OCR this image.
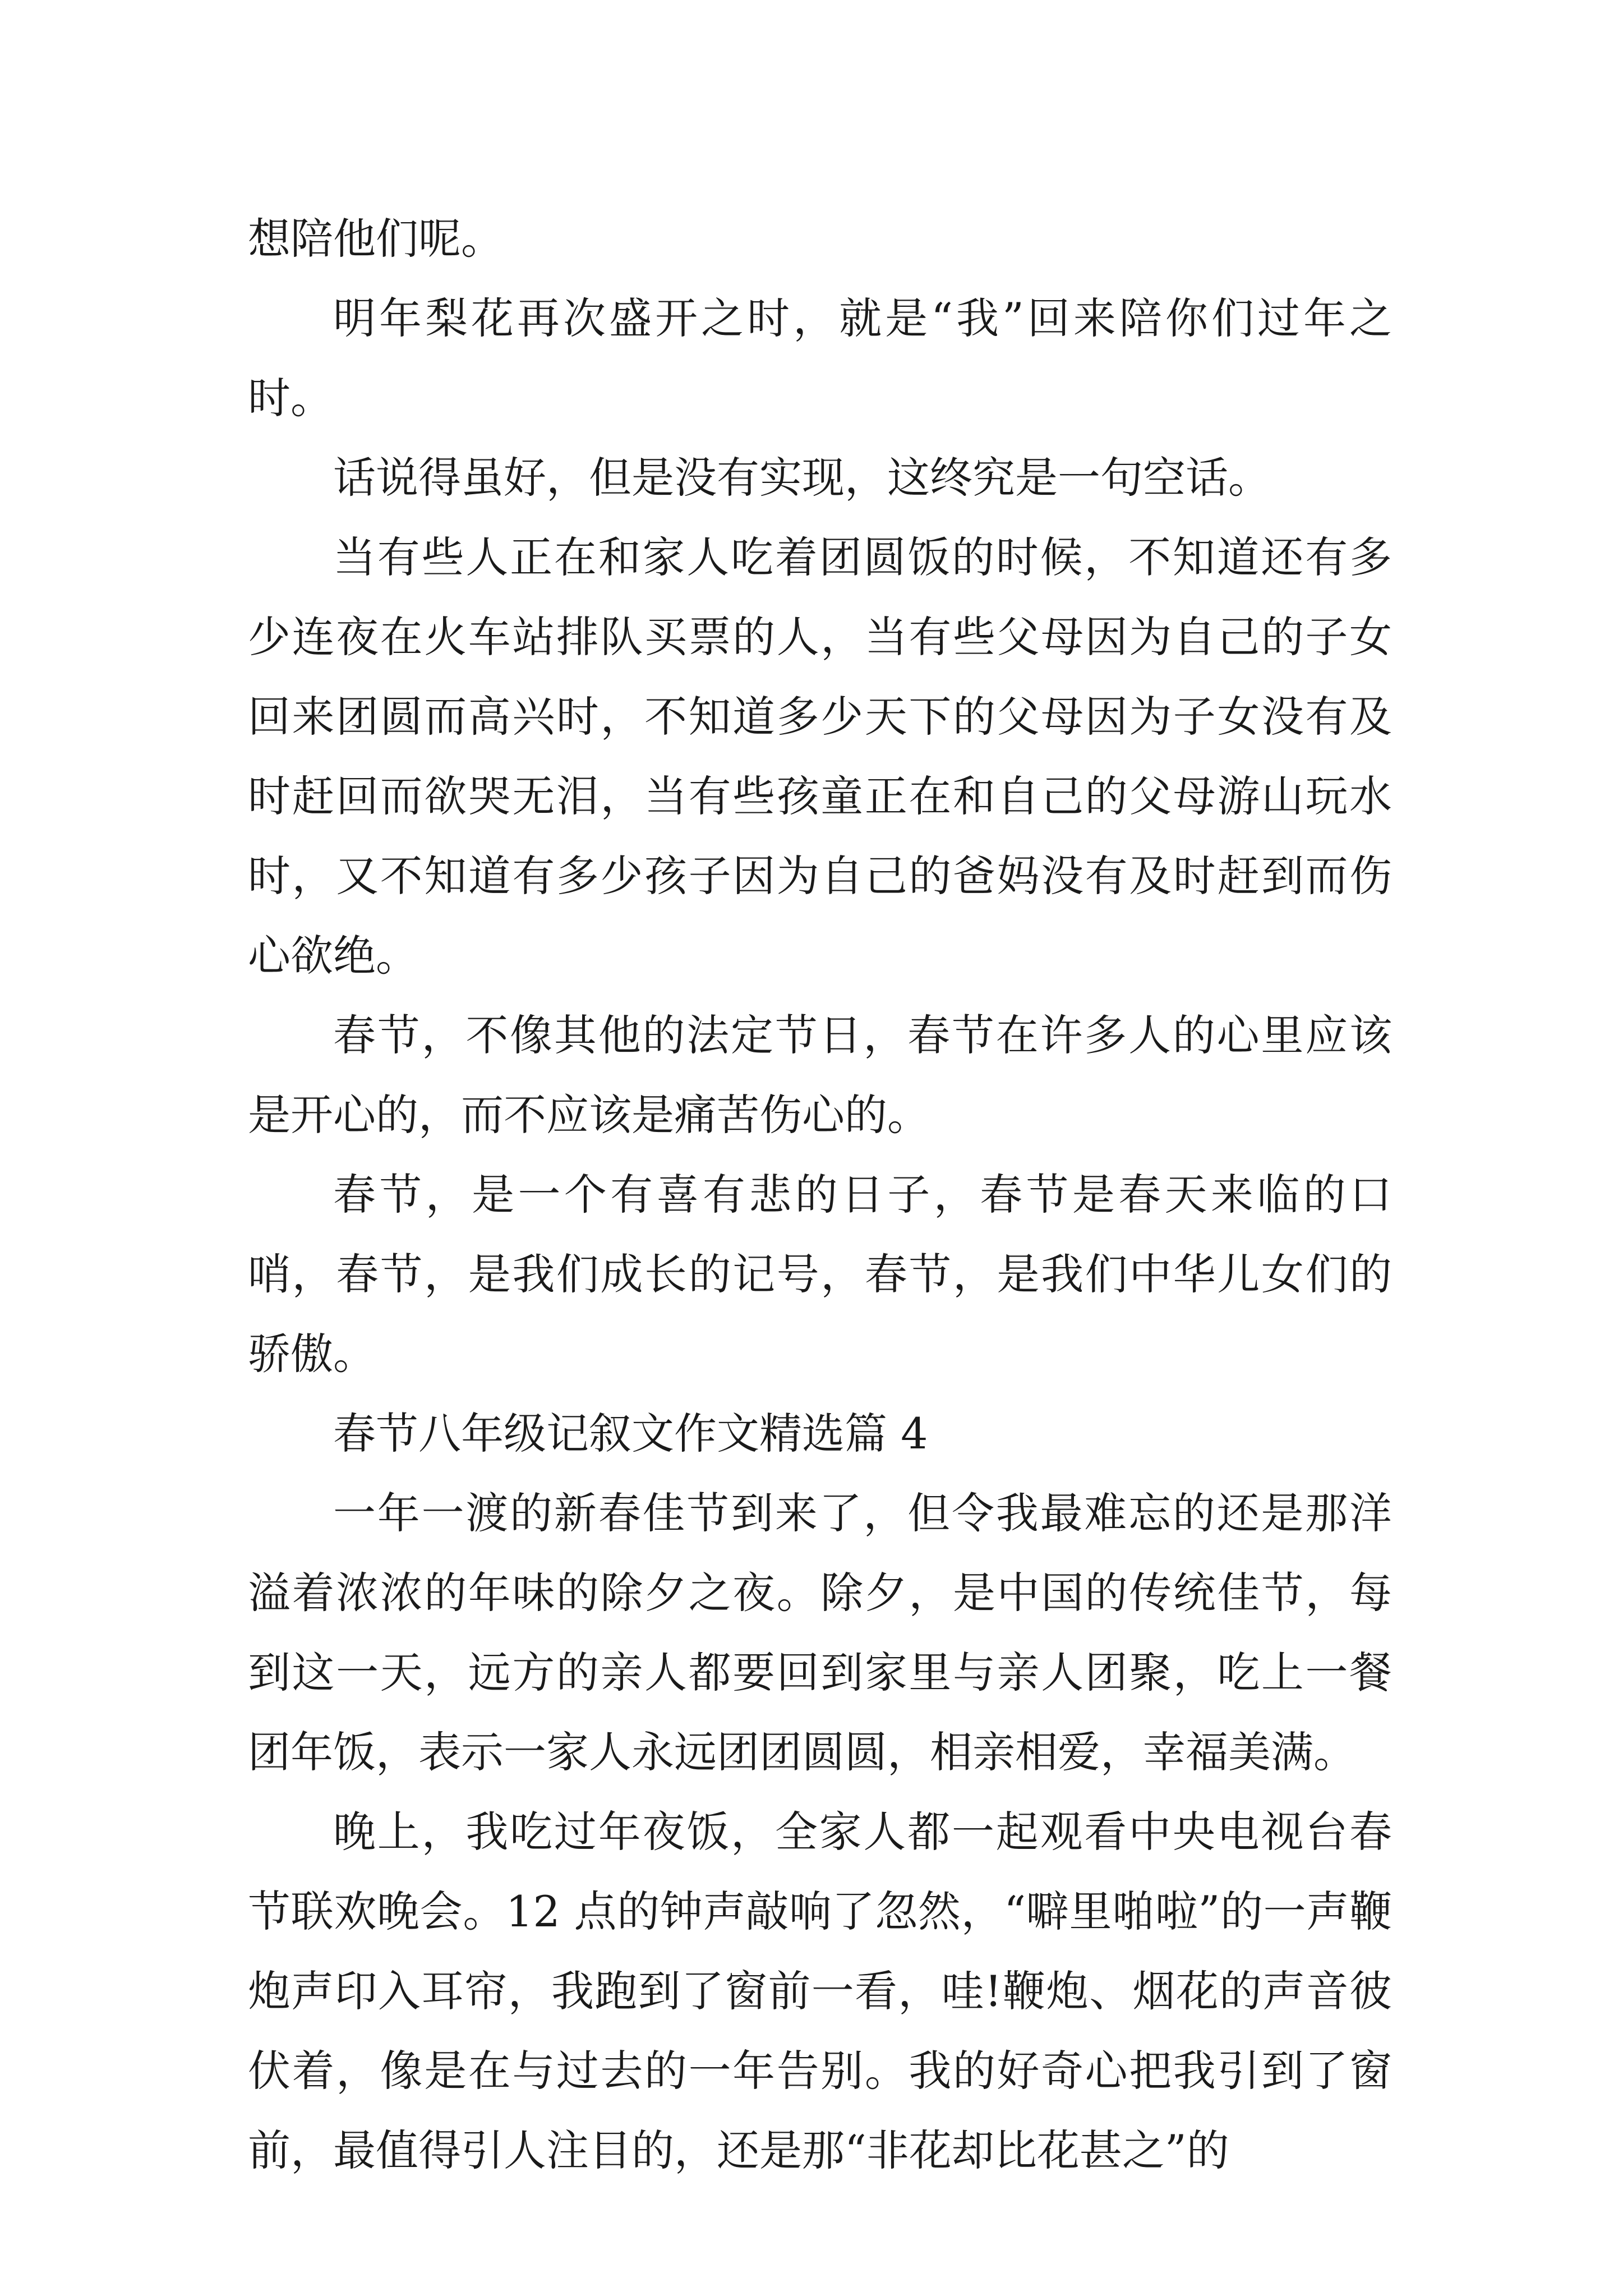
想陪他们呢。

明年梨花再次盛开之时，就是“我”回来陪你们过年之时。

话说得虽好，但是没有实现，这终究是一句空话。

当有些人正在和家人吃着团圆饭的时候，不知道还有多少连夜在火车站排队买票的人，当有些父母因为自己的子女回来团圆而高兴时，不知道多少天下的父母因为子女没有及时赶回而欲哭无泪，当有些孩童正在和自己的父母游山玩水时，又不知道有多少孩子因为自己的爸妈没有及时赶到而伤心欲绝。

春节，不像其他的法定节日，春节在许多人的心里应该是开心的，而不应该是痛苦伤心的。

春节，是一个有喜有悲的日子，春节是春天来临的口哨，春节，是我们成长的记号，春节，是我们中华儿女们的骄傲。

春节八年级记叙文作文精选篇 4

一年一渡的新春佳节到来了，但令我最难忘的还是那洋溢着浓浓的年味的除夕之夜。除夕，是中国的传统佳节，每到这一天，远方的亲人都要回到家里与亲人团聚，吃上一餐团年饭，表示一家人永远团团圆圆，相亲相爱，幸福美满。

晚上，我吃过年夜饭，全家人都一起观看中央电视台春节联欢晚会。12 点的钟声敲响了忽然，“噼里啪啦”的一声鞭炮声印入耳帘，我跑到了窗前一看，哇!鞭炮、烟花的声音彼伏着，像是在与过去的一年告别。我的好奇心把我引到了窗前，最值得引人注目的，还是那“非花却比花甚之”的
